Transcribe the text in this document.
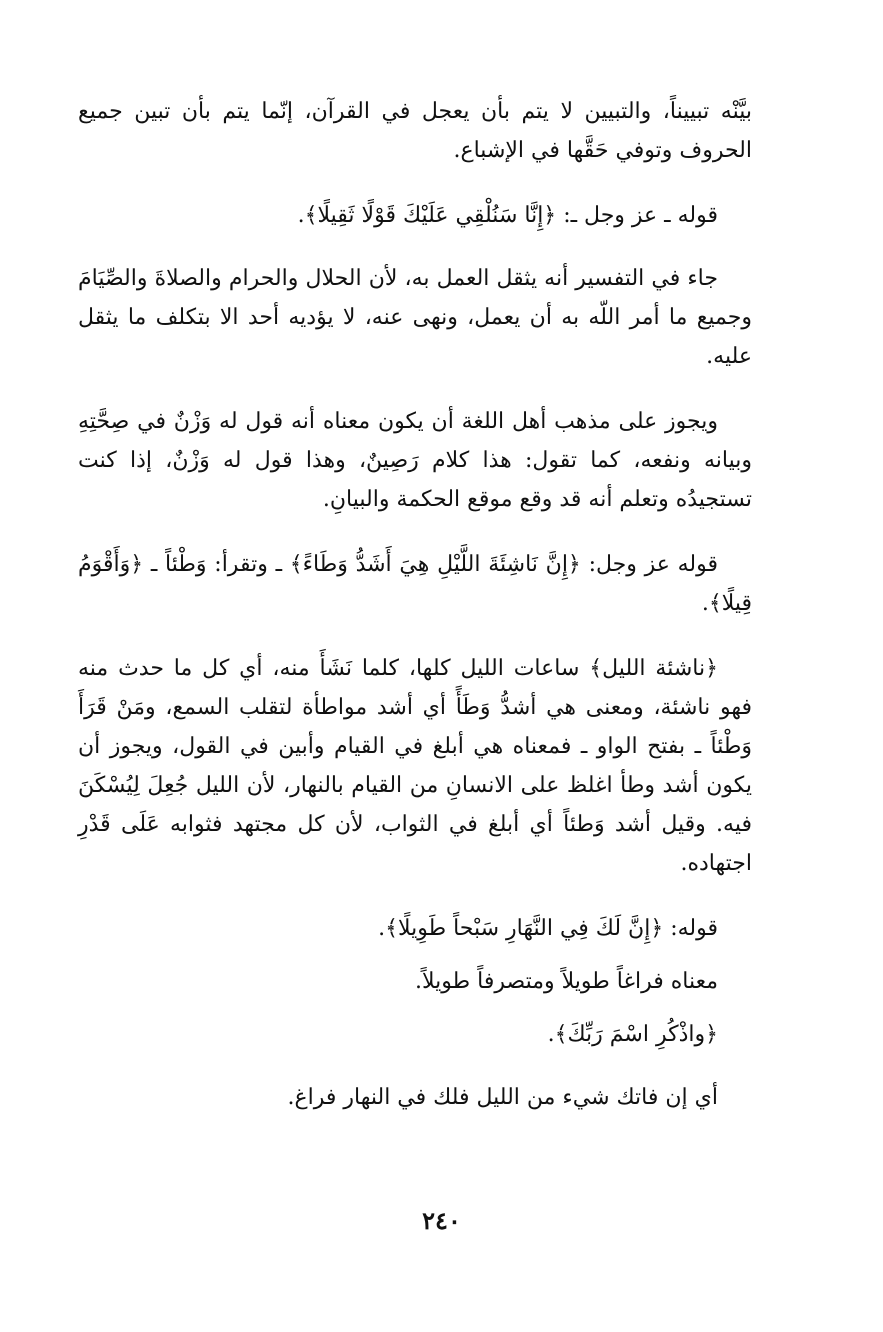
بيَّنْه تبييناً، والتبيين لا يتم بأن يعجل في القرآن، إنّما يتم بأن تبين جميع الحروف وتوفي حَقَّها في الإشباع.

قوله ـ عز وجل ـ: ﴿إِنَّا سَنُلْقِي عَلَيْكَ قَوْلًا ثَقِيلًا﴾.

جاء في التفسير أنه يثقل العمل به، لأن الحلال والحرام والصلاةَ والصِّيَامَ وجميع ما أمر اللّه به أن يعمل، ونهى عنه، لا يؤديه أحد الا بتكلف ما يثقل عليه.

ويجوز على مذهب أهل اللغة أن يكون معناه أنه قول له وَزْنٌ في صِحَّتِهِ وبيانه ونفعه، كما تقول: هذا كلام رَصِينٌ، وهذا قول له وَزْنٌ، إذا كنت تستجيدُه وتعلم أنه قد وقع موقع الحكمة والبيانِ.

قوله عز وجل: ﴿إِنَّ نَاشِئَةَ اللَّيْلِ هِيَ أَشَدُّ وَطَاءً﴾ ـ وتقرأ: وَطْئاً ـ ﴿وَأَقْوَمُ قِيلًا﴾.

﴿ناشئة الليل﴾ ساعات الليل كلها، كلما نَشَأَ منه، أي كل ما حدث منه فهو ناشئة، ومعنى هي أشدُّ وَطَأً أي أشد مواطأة لتقلب السمع، ومَنْ قَرَأَ وَطْئاً ـ بفتح الواو ـ فمعناه هي أبلغ في القيام وأبين في القول، ويجوز أن يكون أشد وطأ اغلظ على الانسانِ من القيام بالنهار، لأن الليل جُعِلَ لِيُسْكَنَ فيه. وقيل أشد وَطئاً أي أبلغ في الثواب، لأن كل مجتهد فثوابه عَلَى قَدْرِ اجتهاده.

قوله: ﴿إِنَّ لَكَ فِي النَّهَارِ سَبْحاً طَوِيلًا﴾.

معناه فراغاً طويلاً ومتصرفاً طويلاً.

﴿واذْكُرِ اسْمَ رَبِّكَ﴾.

أي إن فاتك شيء من الليل فلك في النهار فراغ.

٢٤٠
